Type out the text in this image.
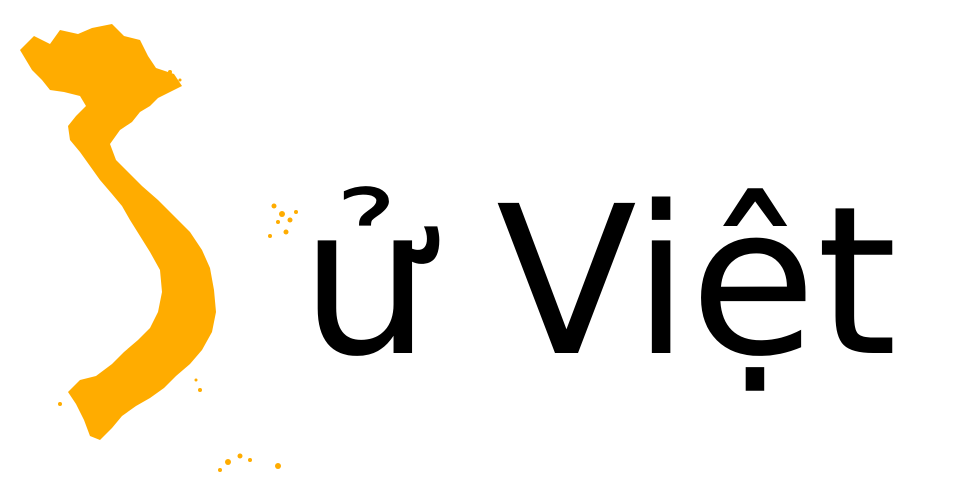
ử Việt
